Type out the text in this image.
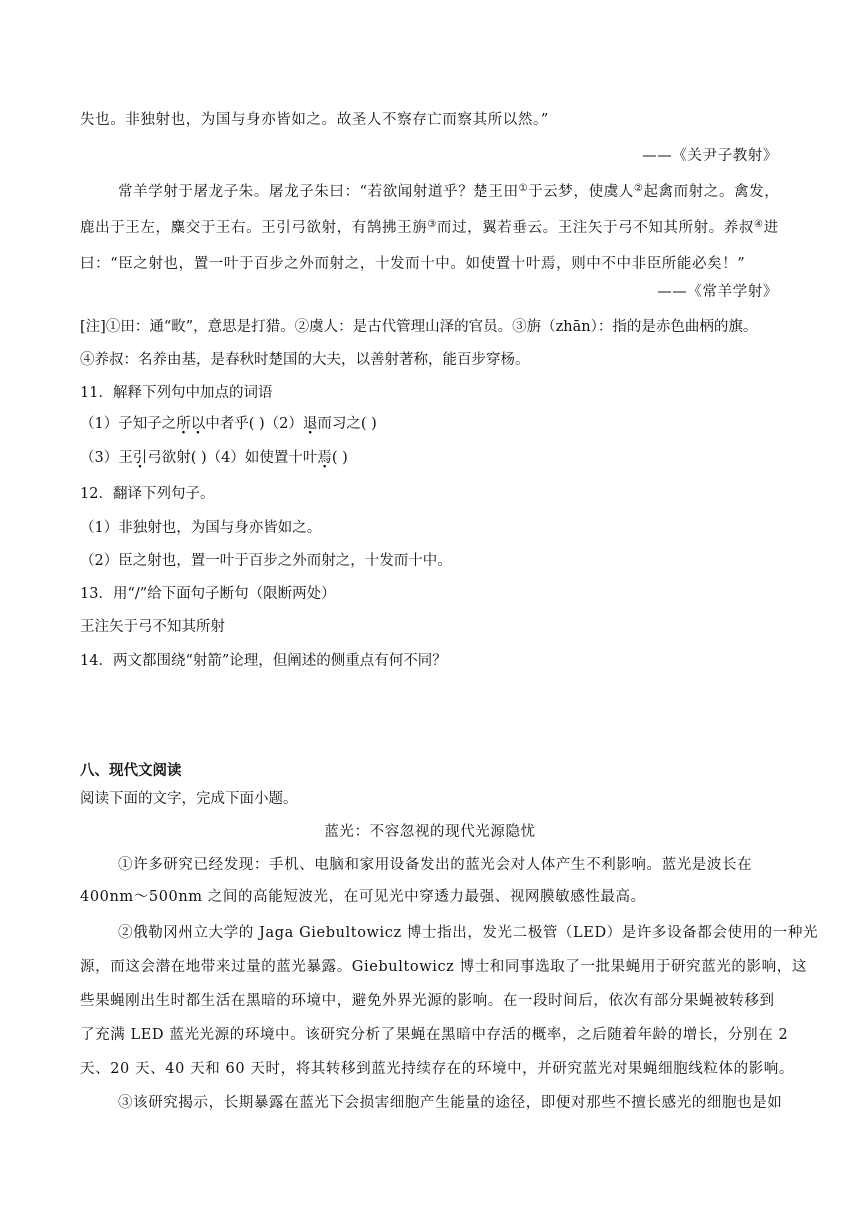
失也。非独射也，为国与身亦皆如之。故圣人不察存亡而察其所以然。”
——《关尹子教射》
常羊学射于屠龙子朱。屠龙子朱曰：“若欲闻射道乎？楚王田①于云梦，使虞人②起禽而射之。禽发，
鹿出于王左，麋交于王右。王引弓欲射，有鹄拂王旃③而过，翼若垂云。王注矢于弓不知其所射。养叔④进
曰：“臣之射也，置一叶于百步之外而射之，十发而十中。如使置十叶焉，则中不中非臣所能必矣！”
——《常羊学射》
[注]①田：通“畋”，意思是打猎。②虞人：是古代管理山泽的官员。③旃（zhān）：指的是赤色曲柄的旗。
④养叔：名养由基，是春秋时楚国的大夫，以善射著称，能百步穿杨。
11．解释下列句中加点的词语
（1）子知子之所以中者乎( )（2）退而习之( )
（3）王引弓欲射( )（4）如使置十叶焉( )
12．翻译下列句子。
（1）非独射也，为国与身亦皆如之。
（2）臣之射也，置一叶于百步之外而射之，十发而十中。
13．用“/”给下面句子断句（限断两处）
王注矢于弓不知其所射
14．两文都围绕“射箭”论理，但阐述的侧重点有何不同？
八、现代文阅读
阅读下面的文字，完成下面小题。
蓝光：不容忽视的现代光源隐忧
①许多研究已经发现：手机、电脑和家用设备发出的蓝光会对人体产生不利影响。蓝光是波长在
400nm～500nm 之间的高能短波光，在可见光中穿透力最强、视网膜敏感性最高。
②俄勒冈州立大学的 Jaga Giebultowicz 博士指出，发光二极管（LED）是许多设备都会使用的一种光
源，而这会潜在地带来过量的蓝光暴露。Giebultowicz 博士和同事选取了一批果蝇用于研究蓝光的影响，这
些果蝇刚出生时都生活在黑暗的环境中，避免外界光源的影响。在一段时间后，依次有部分果蝇被转移到
了充满 LED 蓝光光源的环境中。该研究分析了果蝇在黑暗中存活的概率，之后随着年龄的增长，分别在 2
天、20 天、40 天和 60 天时，将其转移到蓝光持续存在的环境中，并研究蓝光对果蝇细胞线粒体的影响。
③该研究揭示，长期暴露在蓝光下会损害细胞产生能量的途径，即便对那些不擅长感光的细胞也是如
